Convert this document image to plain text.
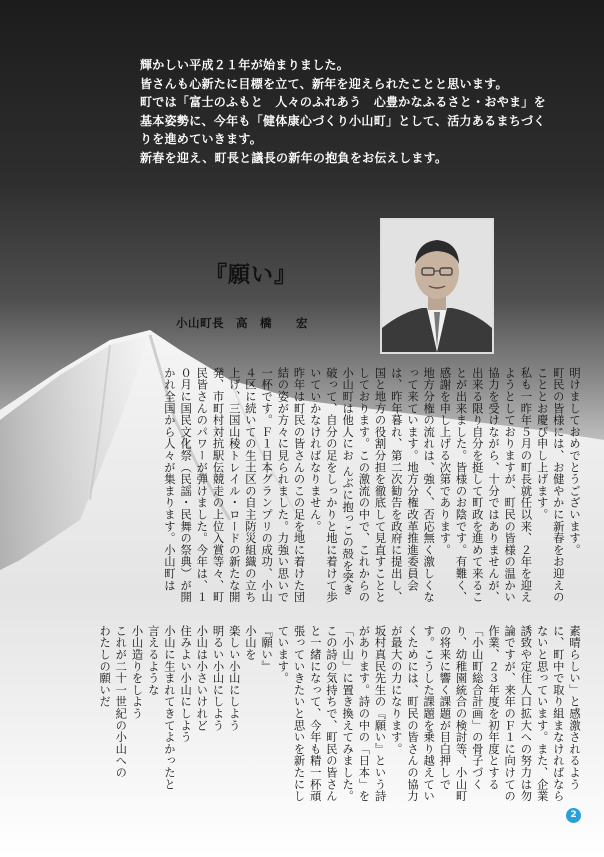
輝かしい平成２１年が始まりました。
皆さんも心新たに目標を立て、新年を迎えられたことと思います。
町では「富士のふもと　人々のふれあう　心豊かなふるさと・おやま」を
基本姿勢に、今年も「健体康心づくり小山町」として、活力あるまちづく
りを進めていきます。
新春を迎え、町長と議長の新年の抱負をお伝えします。
『願い』
小山町長　高　橋　　宏

明けましておめでとうございます。

町民の皆様には、お健やかに新春をお迎えのこととお慶び申し上げます。

私も一昨年５月の町長就任以来、２年を迎えようとしておりますが、町民の皆様の温かい協力を受けながら、十分ではありませんが、出来る限り自分を挺して町政を進めて来ることが出来ました。皆様のお陰です。有難く、感謝を申し上げる次第であります。

地方分権の流れは、強く、否応無く激しくなって来ています。地方分権改革推進委員会は、昨年暮れ、第二次勧告を政府に提出し、国と地方の役割分担を徹底して見直すこととしております。この激流の中で、これからの小山町は他人にお んぶに抱っこの殻を突き破って、自分の足をしっかりと地に着けて歩いていかなければなりません。

昨年は町民の皆さんのこの足を地に着けた団結の姿が方々に見られました。力強い思いで一杯です。Ｆ１日本グランプリの成功、小山４区に続いての生土区の自主防災組織の立ち上げ、三国山稜トレイル・ロードの新たな開発、市町村対抗駅伝競走の上位入賞等々、町民皆さんのパワーが弾けました。今年は、１０月に国民文化祭（民謡・民舞の祭典）が開かれ全国から人々が集まります。小山町は

素晴らしい」と感激されるように、町中で取り組まなければならないと思っています。また、企業誘致や定住人口拡大への努力は勿論ですが、来年のＦ１に向けての作業、２３年度を初年度とする「小山町総合計画」の骨子づくり、幼稚園統合の検討等、小山町の将来に響く課題が目白押しです。こうした課題を乗り越えていくためには、町民の皆さんの協力が最大の力になります。

坂村真民先生の『願い』という詩があります。詩の中の「日本」を「小山」に置き換えてみました。この詩の気持ちで、町民の皆さんと一緒になって、今年も精一杯頑張っていきたいと思いを新たにしています。

『願い』

小山を

楽しい小山にしよう

明るい小山にしよう

小山は小さいけれど

住みよい小山にしよう

小山に生まれてきてよかったと

言えるような

小山造りをしよう

これが二十一世紀の小山への

わたしの願いだ

2
